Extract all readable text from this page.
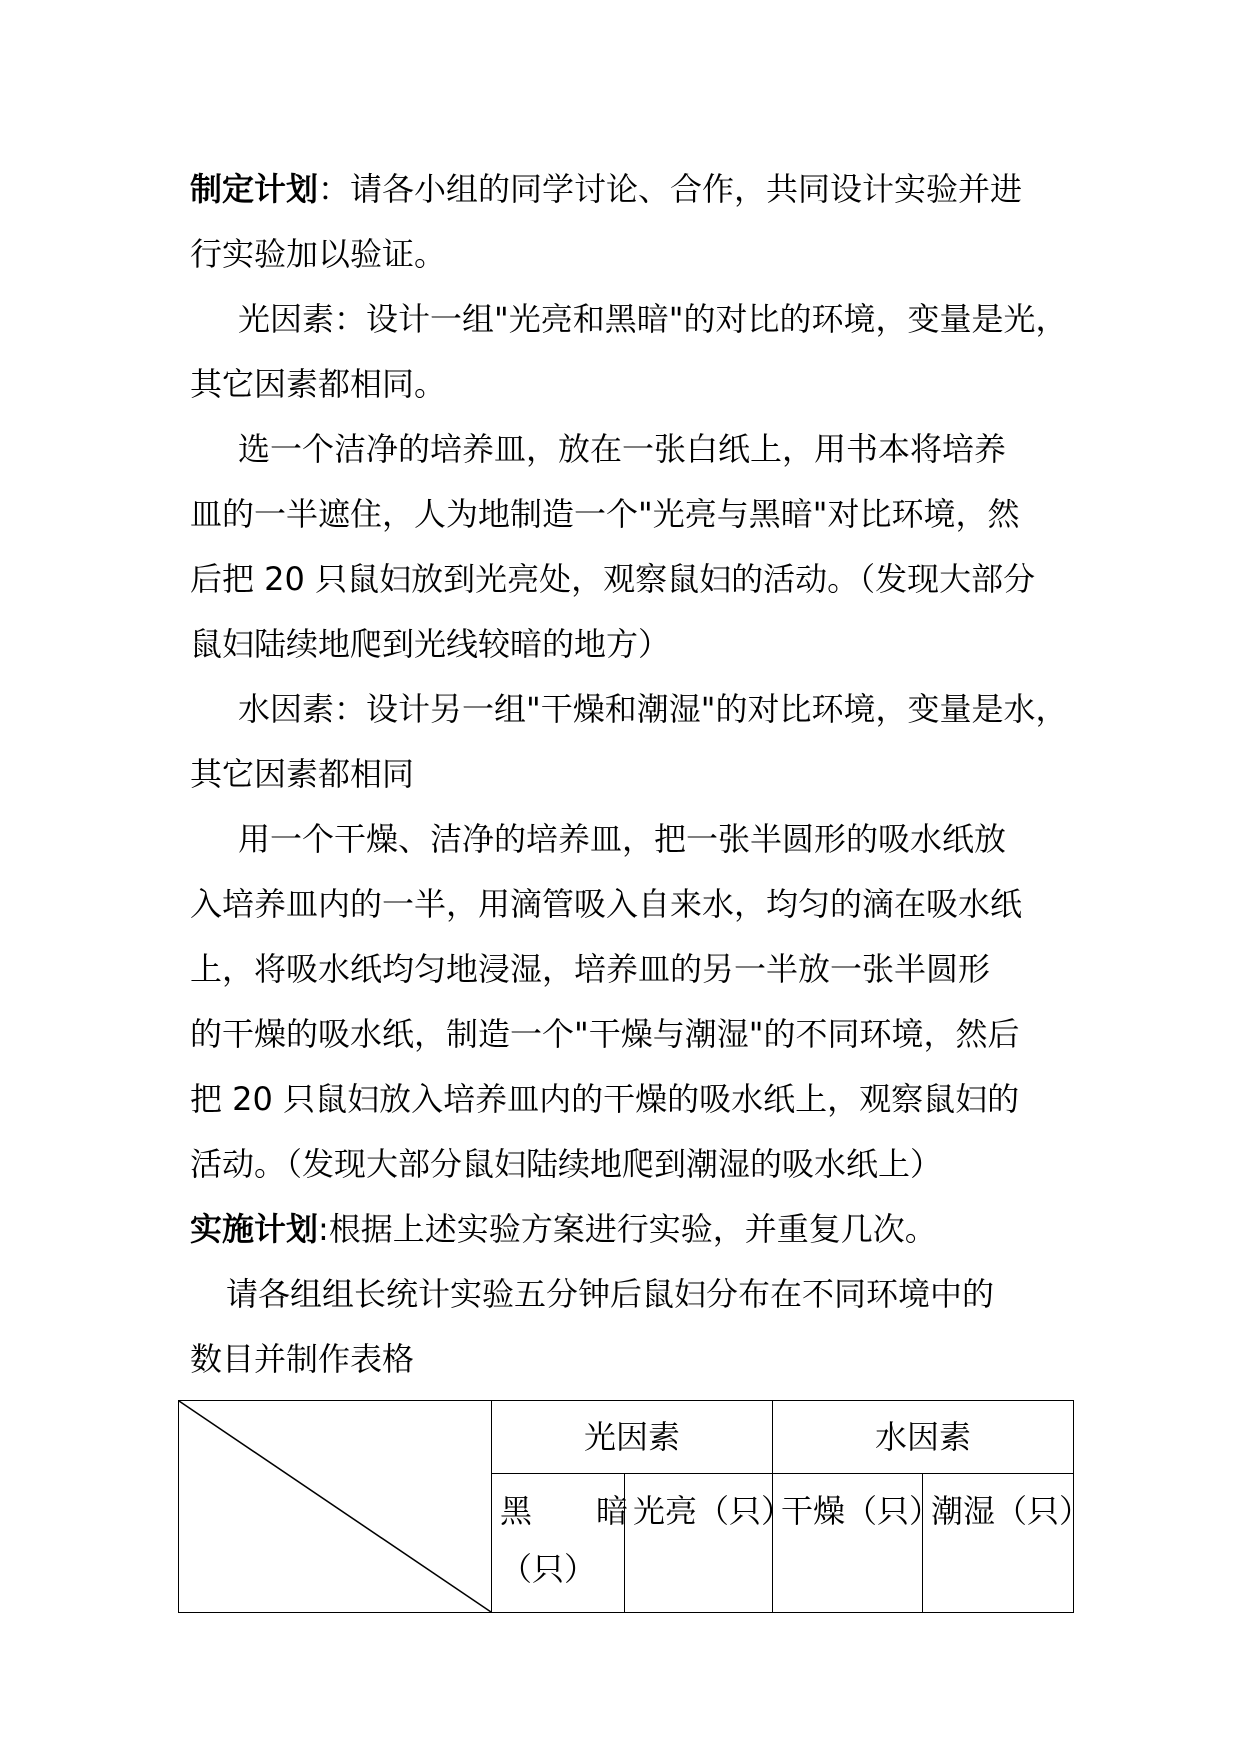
制定计划：请各小组的同学讨论、合作，共同设计实验并进
行实验加以验证。
光因素：设计一组"光亮和黑暗"的对比的环境，变量是光，
其它因素都相同。
选一个洁净的培养皿，放在一张白纸上，用书本将培养
皿的一半遮住，人为地制造一个"光亮与黑暗"对比环境，然
后把 20 只鼠妇放到光亮处，观察鼠妇的活动。（发现大部分
鼠妇陆续地爬到光线较暗的地方）
水因素：设计另一组"干燥和潮湿"的对比环境，变量是水，
其它因素都相同
用一个干燥、洁净的培养皿，把一张半圆形的吸水纸放
入培养皿内的一半，用滴管吸入自来水，均匀的滴在吸水纸
上，将吸水纸均匀地浸湿，培养皿的另一半放一张半圆形
的干燥的吸水纸，制造一个"干燥与潮湿"的不同环境，然后
把 20 只鼠妇放入培养皿内的干燥的吸水纸上，观察鼠妇的
活动。（发现大部分鼠妇陆续地爬到潮湿的吸水纸上）
实施计划:根据上述实验方案进行实验，并重复几次。
请各组组长统计实验五分钟后鼠妇分布在不同环境中的
数目并制作表格
	光因素		水因素	

	黑　　暗
（只）	光亮（只）	干燥（只）	潮湿（只）
